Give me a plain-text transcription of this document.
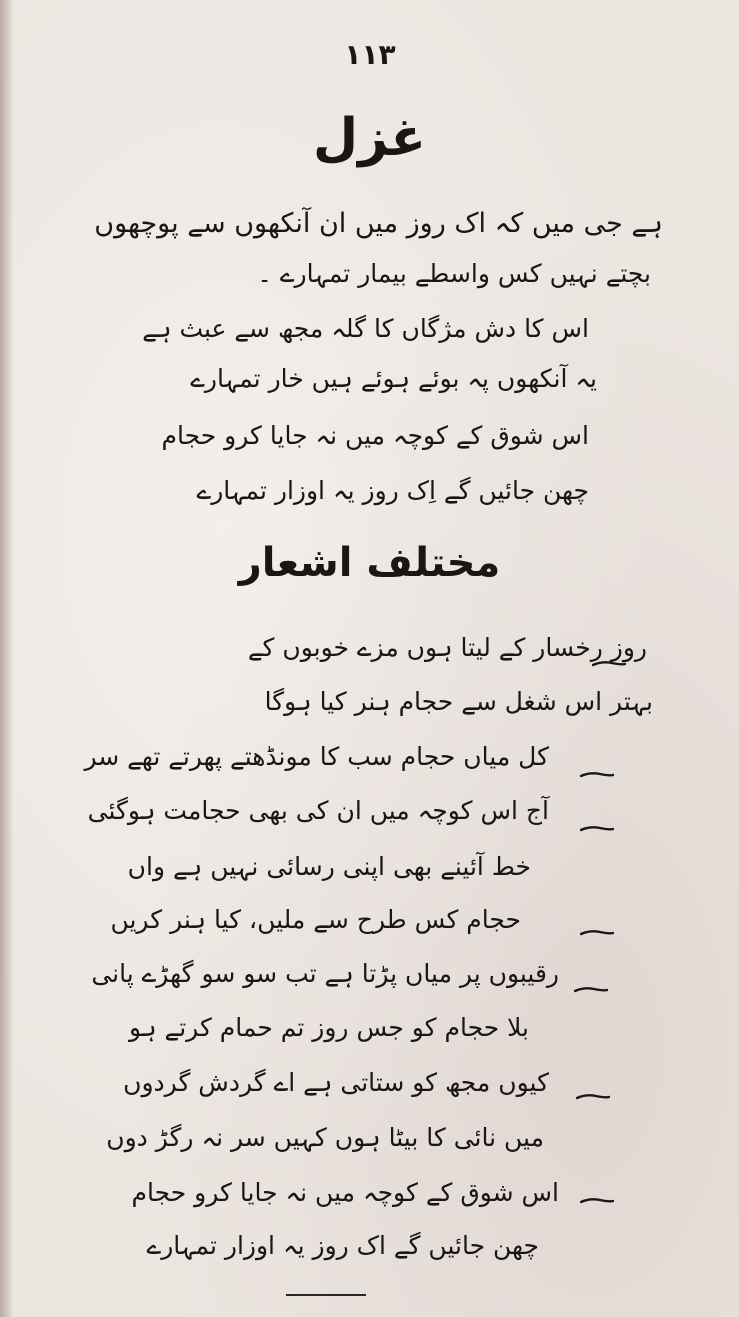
۱۱۳
غزل
ہے جی میں کہ اک روز میں ان آنکھوں سے پوچھوں
بچتے نہیں کس واسطے بیمار تمہارے ۔
اس کا دش مژگاں کا گلہ مجھ سے عبث ہے
یہ آنکھوں پہ بوئے ہوئے ہیں خار تمہارے
اس شوق کے کوچہ میں نہ جایا کرو حجام
چھن جائیں گے اِک روز یہ اوزار تمہارے
مختلف اشعار
روز رخسار کے لیتا ہوں مزے خوبوں کے
بہتر اس شغل سے حجام ہنر کیا ہوگا
کل میاں حجام سب کا مونڈھتے پھرتے تھے سر
آج اس کوچہ میں ان کی بھی حجامت ہوگئی
خط آئینے بھی اپنی رسائی نہیں ہے واں
حجام کس طرح سے ملیں، کیا ہنر کریں
رقیبوں پر میاں پڑتا ہے تب سو سو گھڑے پانی
بلا حجام کو جس روز تم حمام کرتے ہو
کیوں مجھ کو ستاتی ہے اے گردش گردوں
میں نائی کا بیٹا ہوں کہیں سر نہ رگڑ دوں
اس شوق کے کوچہ میں نہ جایا کرو حجام
چھن جائیں گے اک روز یہ اوزار تمہارے
